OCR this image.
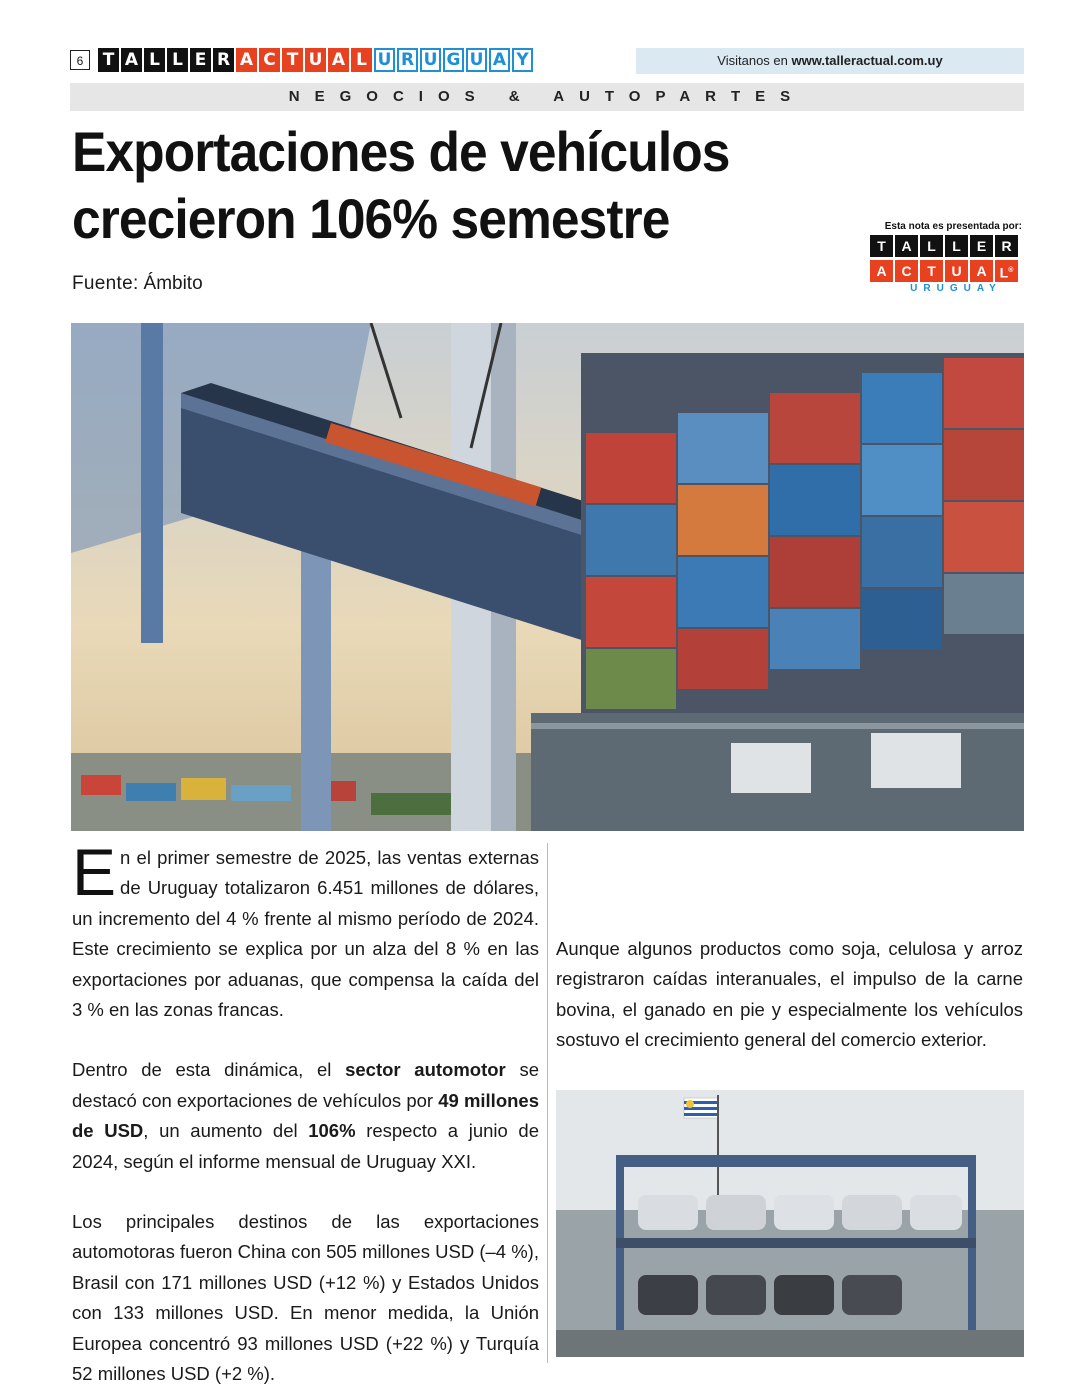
6	T A L L E R A C T U A L U R U G U A Y	Visitanos en www.talleractual.com.uy
NEGOCIOS & AUTOPARTES
Exportaciones de vehículos crecieron 106% semestre
Fuente: Ámbito
Esta nota es presentada por:
T	A	L	L	E	R
A	C	T	U	A L®
URUGUAY

En el primer semestre de 2025, las ventas externas de Uruguay totalizaron 6.451 millones de dólares, un incremento del 4 % frente al mismo período de 2024. Este crecimiento se explica por un alza del 8 % en las exportaciones por aduanas, que compensa la caída del 3 % en las zonas francas.

Dentro de esta dinámica, el sector automotor se destacó con exportaciones de vehículos por 49 millones de USD, un aumento del 106% respecto a junio de 2024, según el informe mensual de Uruguay XXI.

Los principales destinos de las exportaciones automotoras fueron China con 505 millones USD (–4 %), Brasil con 171 millones USD (+12 %) y Estados Unidos con 133 millones USD. En menor medida, la Unión Europea concentró 93 millones USD (+22 %) y Turquía 52 millones USD (+2 %).

Aunque algunos productos como soja, celulosa y arroz registraron caídas interanuales, el impulso de la carne bovina, el ganado en pie y especialmente los vehículos sostuvo el crecimiento general del comercio exterior.
